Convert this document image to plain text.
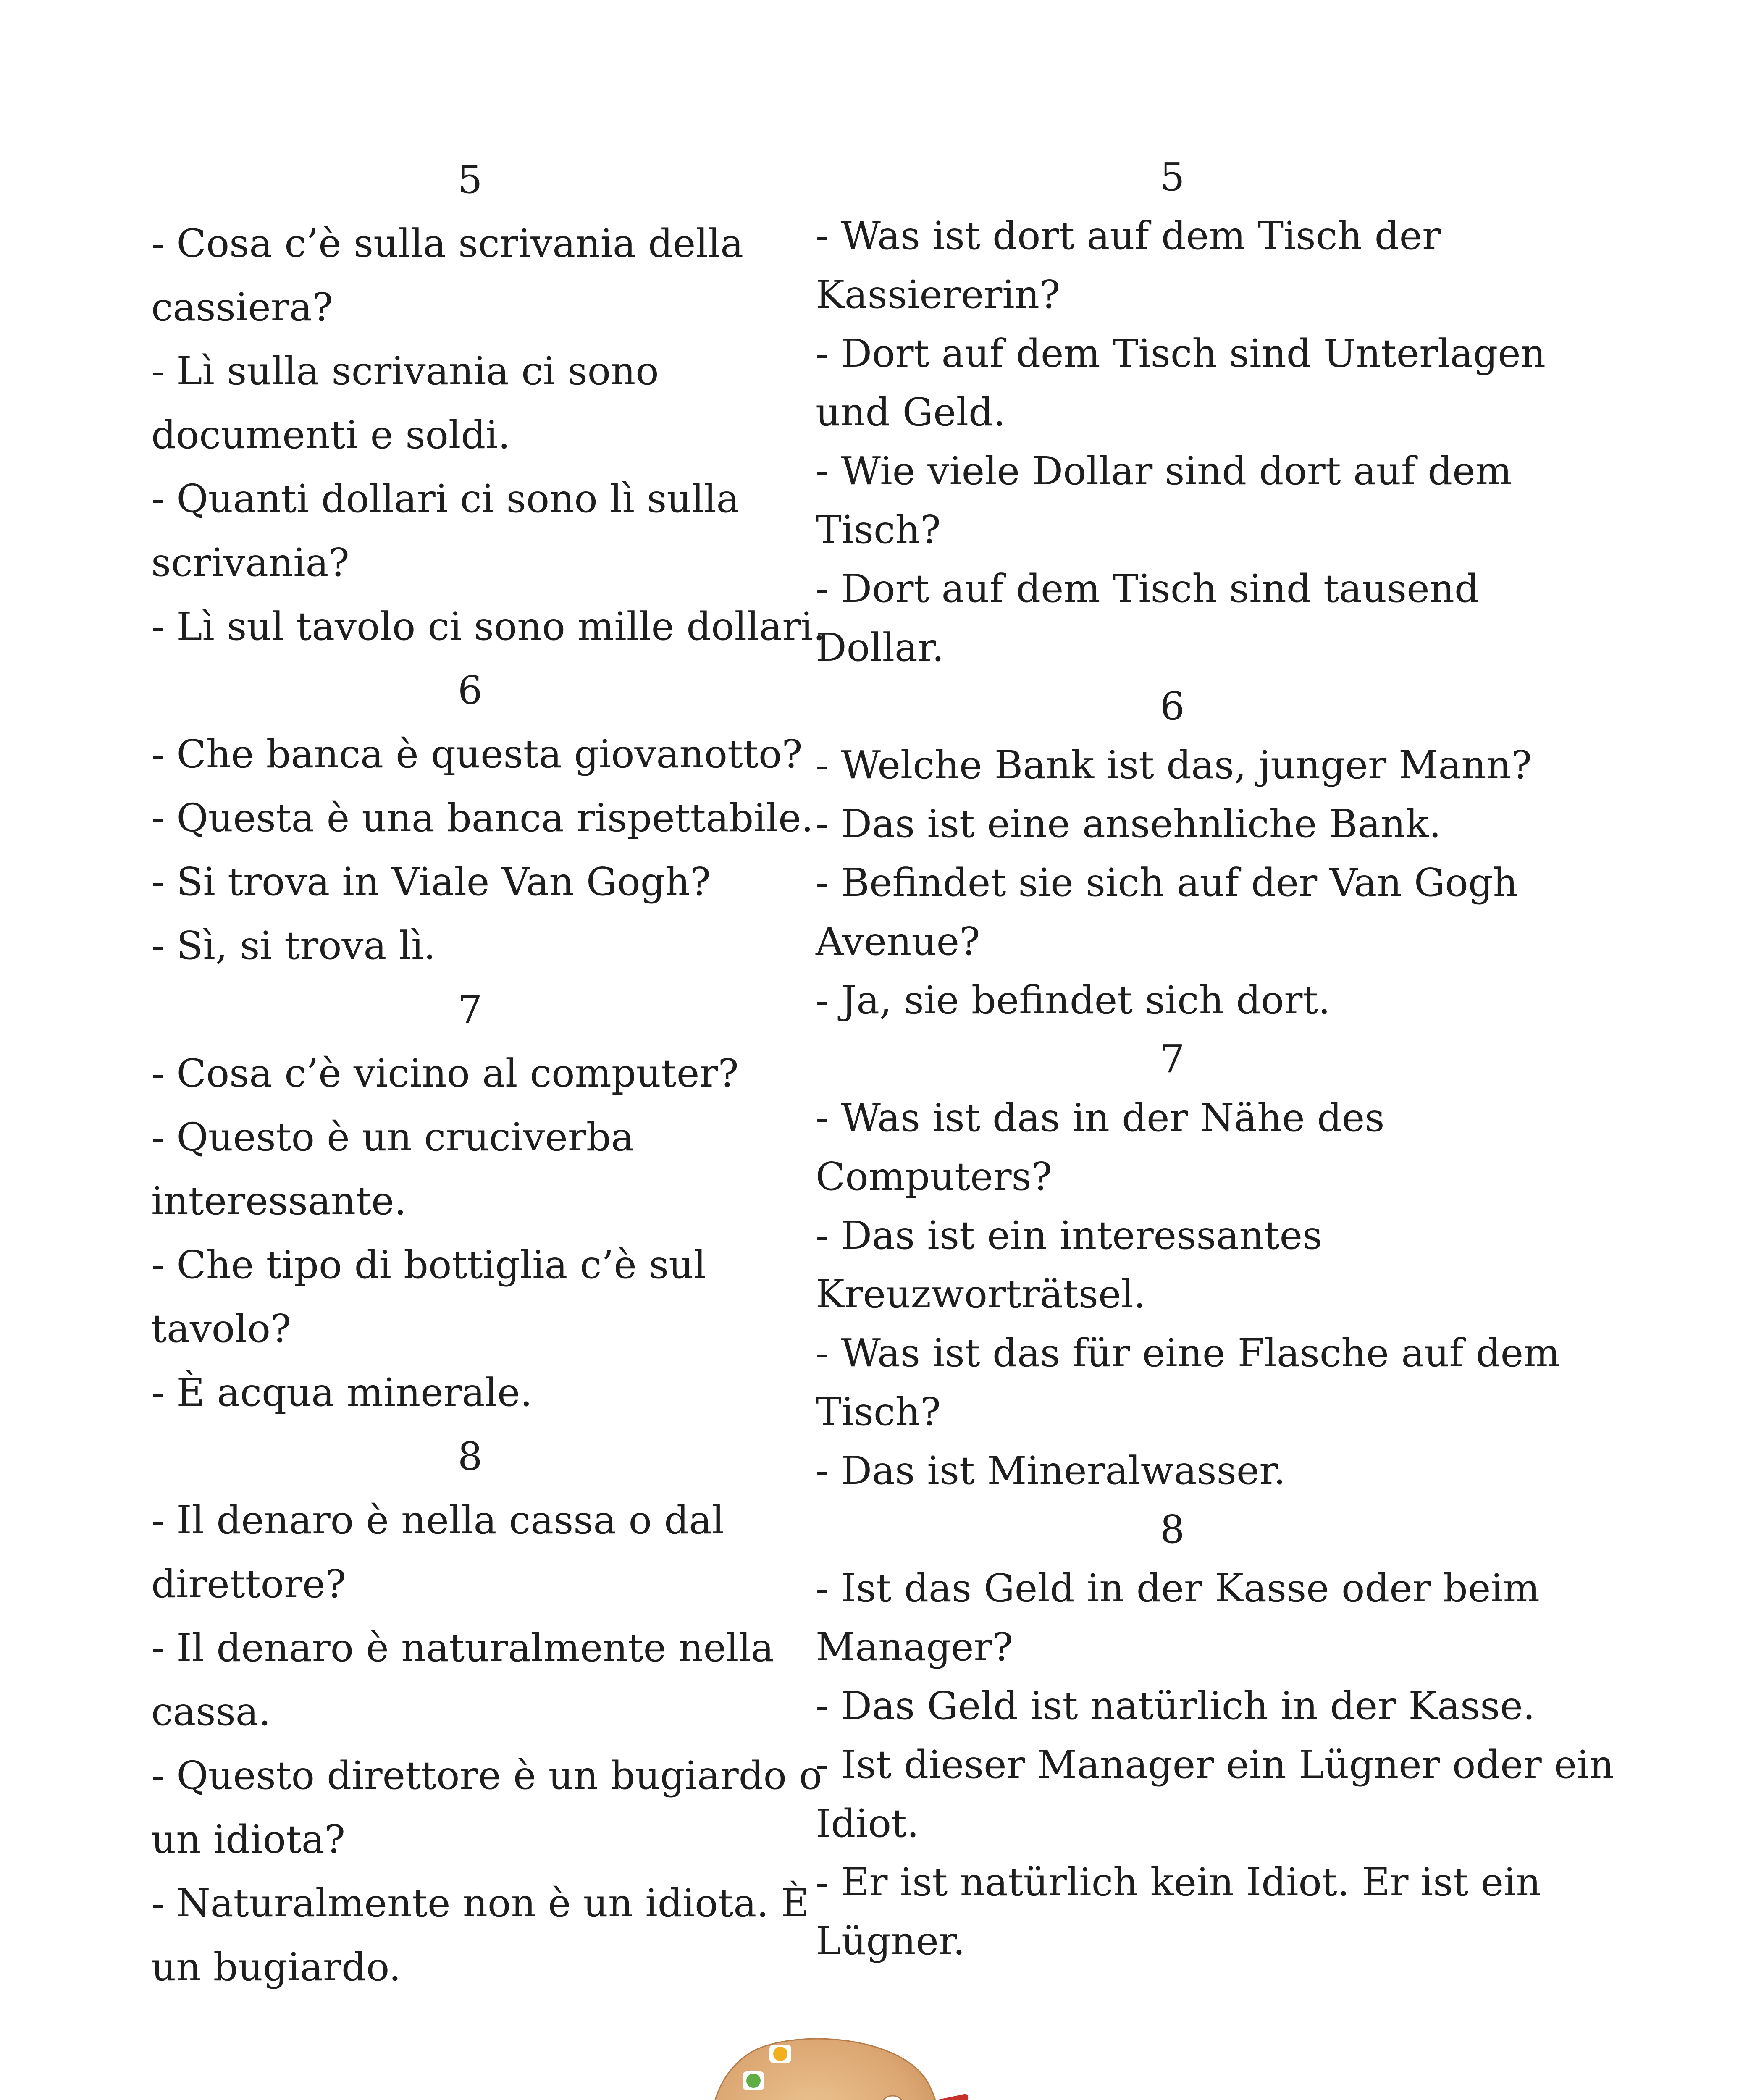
5
- Cosa c’è sulla scrivania della
cassiera?
- Lì sulla scrivania ci sono
documenti e soldi.
- Quanti dollari ci sono lì sulla
scrivania?
- Lì sul tavolo ci sono mille dollari.
6
- Che banca è questa giovanotto?
- Questa è una banca rispettabile.
- Si trova in Viale Van Gogh?
- Sì, si trova lì.
7
- Cosa c’è vicino al computer?
- Questo è un cruciverba
interessante.
- Che tipo di bottiglia c’è sul
tavolo?
- È acqua minerale.
8
- Il denaro è nella cassa o dal
direttore?
- Il denaro è naturalmente nella
cassa.
- Questo direttore è un bugiardo o
un idiota?
- Naturalmente non è un idiota. È
un bugiardo.
5
- Was ist dort auf dem Tisch der
Kassiererin?
- Dort auf dem Tisch sind Unterlagen
und Geld.
- Wie viele Dollar sind dort auf dem
Tisch?
- Dort auf dem Tisch sind tausend
Dollar.
6
- Welche Bank ist das, junger Mann?
- Das ist eine ansehnliche Bank.
- Befindet sie sich auf der Van Gogh
Avenue?
- Ja, sie befindet sich dort.
7
- Was ist das in der Nähe des
Computers?
- Das ist ein interessantes
Kreuzworträtsel.
- Was ist das für eine Flasche auf dem
Tisch?
- Das ist Mineralwasser.
8
- Ist das Geld in der Kasse oder beim
Manager?
- Das Geld ist natürlich in der Kasse.
- Ist dieser Manager ein Lügner oder ein
Idiot.
- Er ist natürlich kein Idiot. Er ist ein
Lügner.
